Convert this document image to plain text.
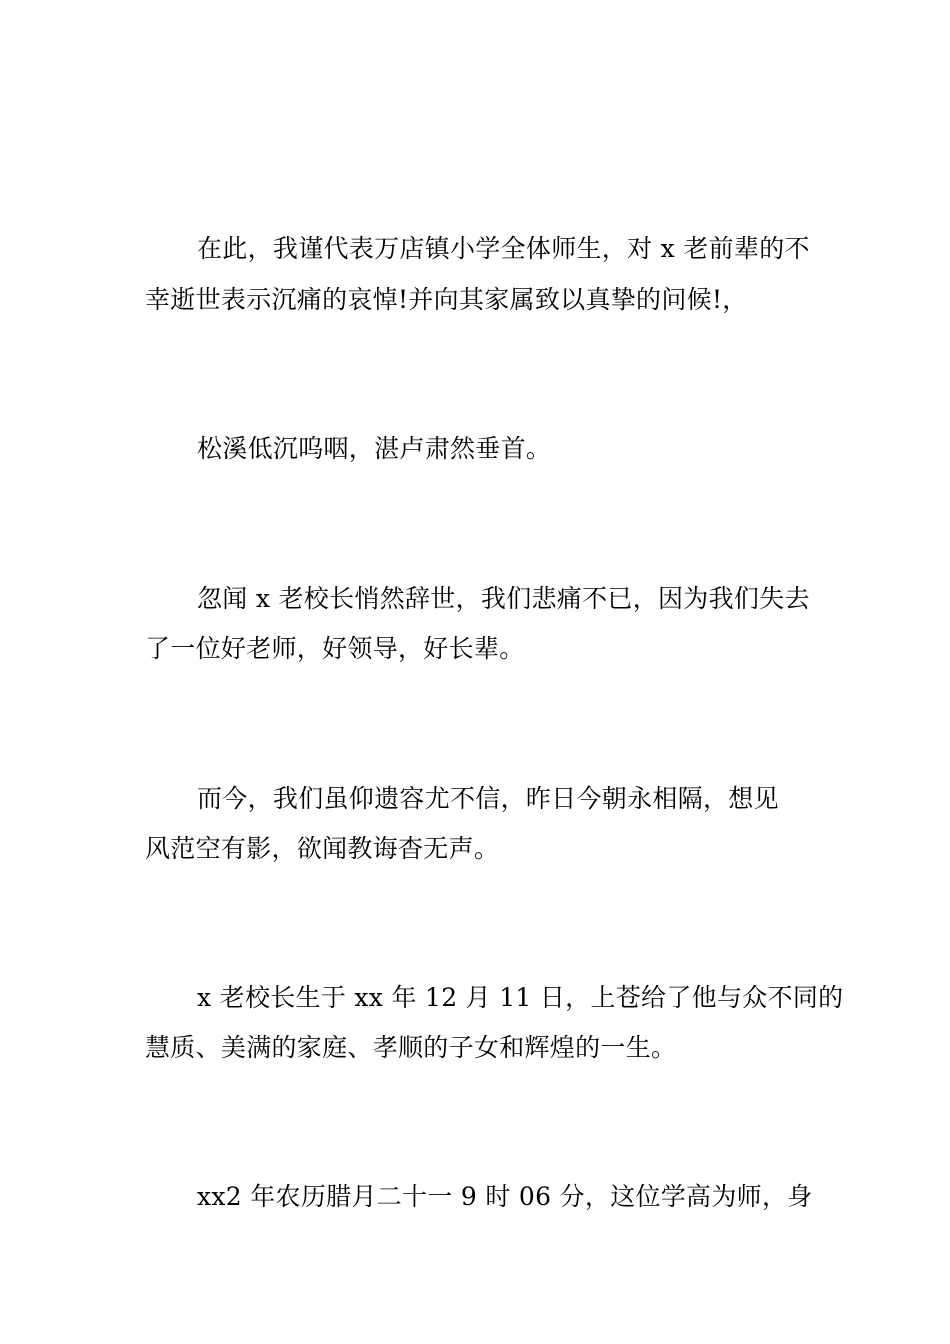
在此，我谨代表万店镇小学全体师生，对 x 老前辈的不
幸逝世表示沉痛的哀悼!并向其家属致以真挚的问候!，
松溪低沉呜咽，湛卢肃然垂首。
忽闻 x 老校长悄然辞世，我们悲痛不已，因为我们失去
了一位好老师，好领导，好长辈。
而今，我们虽仰遗容尤不信，昨日今朝永相隔，想见
风范空有影，欲闻教诲杳无声。
x 老校长生于 xx 年 12 月 11 日，上苍给了他与众不同的
慧质、美满的家庭、孝顺的子女和辉煌的一生。
xx2 年农历腊月二十一 9 时 06 分，这位学高为师，身
